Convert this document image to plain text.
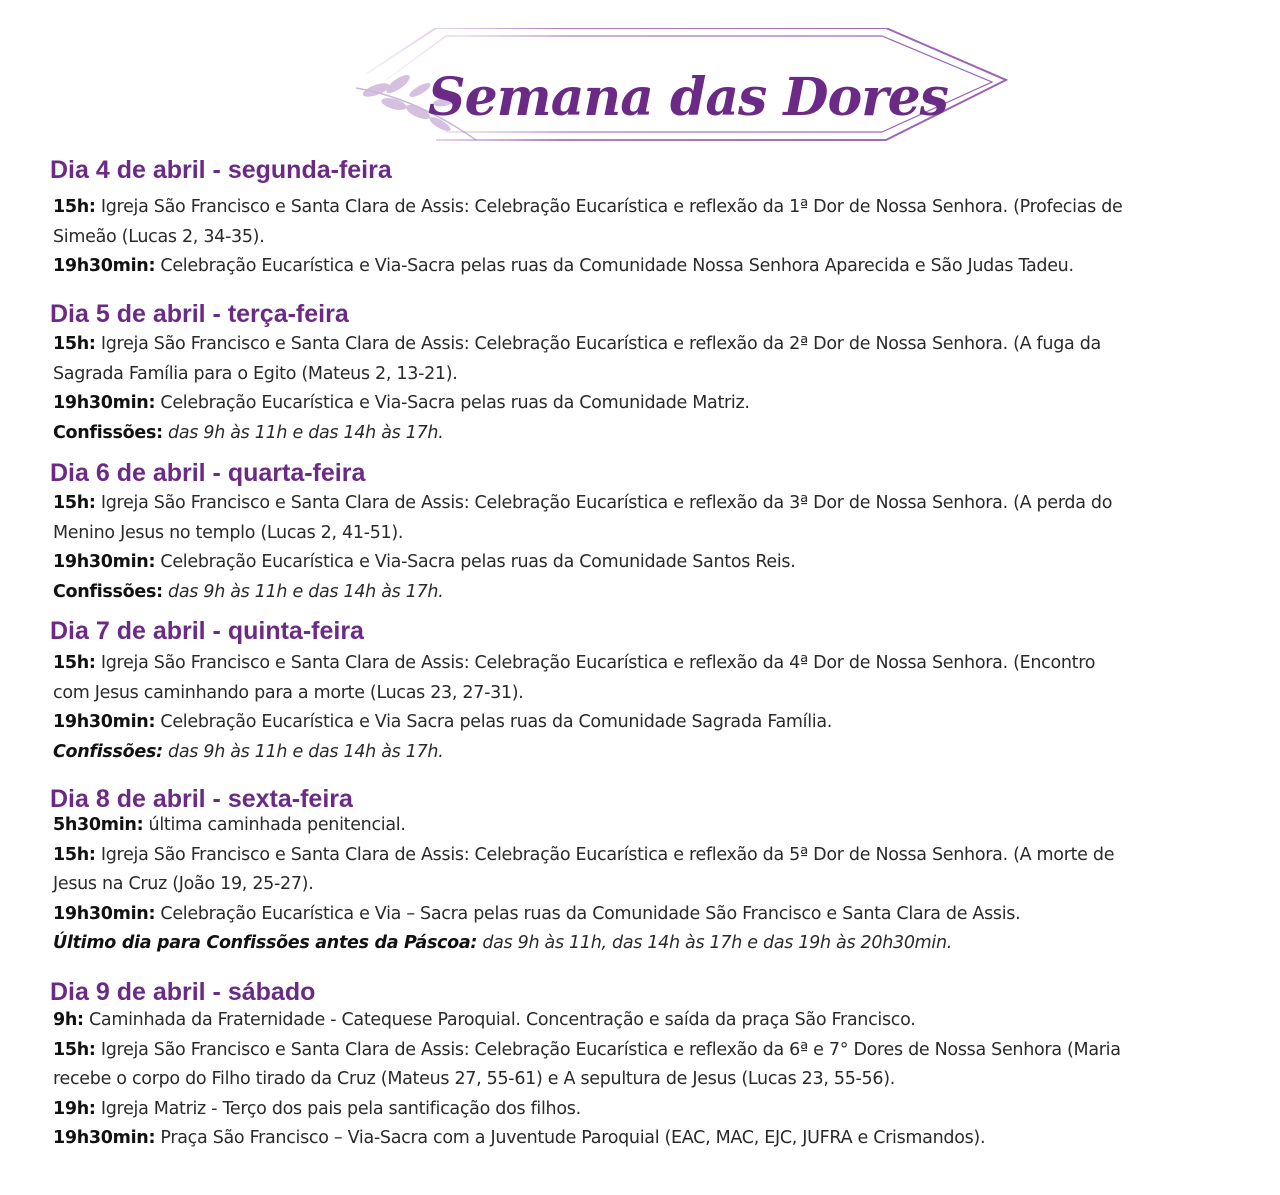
Semana das Dores
Dia 4 de abril - segunda-feira

15h: Igreja São Francisco e Santa Clara de Assis: Celebração Eucarística e reflexão da 1ª Dor de Nossa Senhora. (Profecias de

Simeão (Lucas 2, 34-35).

19h30min: Celebração Eucarística e Via-Sacra pelas ruas da Comunidade Nossa Senhora Aparecida e São Judas Tadeu.

Dia 5 de abril - terça-feira

15h: Igreja São Francisco e Santa Clara de Assis: Celebração Eucarística e reflexão da 2ª Dor de Nossa Senhora. (A fuga da

Sagrada Família para o Egito (Mateus 2, 13-21).

19h30min: Celebração Eucarística e Via-Sacra pelas ruas da Comunidade Matriz.

Confissões: das 9h às 11h e das 14h às 17h.

Dia 6 de abril - quarta-feira

15h: Igreja São Francisco e Santa Clara de Assis: Celebração Eucarística e reflexão da 3ª Dor de Nossa Senhora. (A perda do

Menino Jesus no templo (Lucas 2, 41-51).

19h30min: Celebração Eucarística e Via-Sacra pelas ruas da Comunidade Santos Reis.

Confissões: das 9h às 11h e das 14h às 17h.

Dia 7 de abril - quinta-feira

15h: Igreja São Francisco e Santa Clara de Assis: Celebração Eucarística e reflexão da 4ª Dor de Nossa Senhora. (Encontro

com Jesus caminhando para a morte (Lucas 23, 27-31).

19h30min: Celebração Eucarística e Via Sacra pelas ruas da Comunidade Sagrada Família.

Confissões: das 9h às 11h e das 14h às 17h.

Dia 8 de abril - sexta-feira

5h30min: última caminhada penitencial.

15h: Igreja São Francisco e Santa Clara de Assis: Celebração Eucarística e reflexão da 5ª Dor de Nossa Senhora. (A morte de

Jesus na Cruz (João 19, 25-27).

19h30min: Celebração Eucarística e Via – Sacra pelas ruas da Comunidade São Francisco e Santa Clara de Assis.

Último dia para Confissões antes da Páscoa: das 9h às 11h, das 14h às 17h e das 19h às 20h30min.

Dia 9 de abril - sábado

9h: Caminhada da Fraternidade - Catequese Paroquial. Concentração e saída da praça São Francisco.

15h: Igreja São Francisco e Santa Clara de Assis: Celebração Eucarística e reflexão da 6ª e 7° Dores de Nossa Senhora (Maria

recebe o corpo do Filho tirado da Cruz (Mateus 27, 55-61) e A sepultura de Jesus (Lucas 23, 55-56).

19h: Igreja Matriz - Terço dos pais pela santificação dos filhos.

19h30min: Praça São Francisco – Via-Sacra com a Juventude Paroquial (EAC, MAC, EJC, JUFRA e Crismandos).
